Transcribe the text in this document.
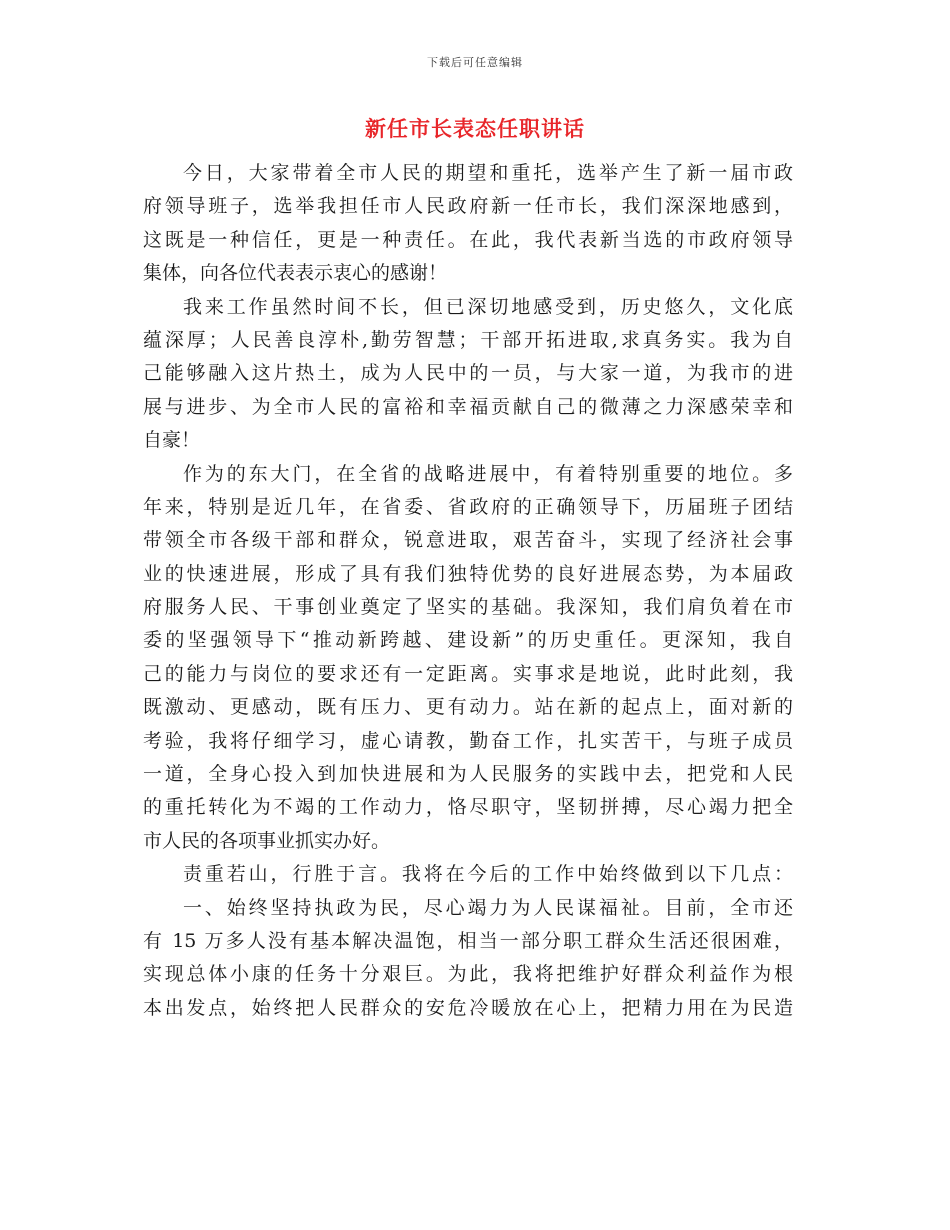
下载后可任意编辑
新任市长表态任职讲话
今日，大家带着全市人民的期望和重托，选举产生了新一届市政
府领导班子，选举我担任市人民政府新一任市长，我们深深地感到，
这既是一种信任，更是一种责任。在此，我代表新当选的市政府领导
集体，向各位代表表示衷心的感谢！
我来工作虽然时间不长，但已深切地感受到，历史悠久，文化底
蕴深厚；人民善良淳朴,勤劳智慧；干部开拓进取,求真务实。我为自
己能够融入这片热土，成为人民中的一员，与大家一道，为我市的进
展与进步、为全市人民的富裕和幸福贡献自己的微薄之力深感荣幸和
自豪！
作为的东大门，在全省的战略进展中，有着特别重要的地位。多
年来，特别是近几年，在省委、省政府的正确领导下，历届班子团结
带领全市各级干部和群众，锐意进取，艰苦奋斗，实现了经济社会事
业的快速进展，形成了具有我们独特优势的良好进展态势，为本届政
府服务人民、干事创业奠定了坚实的基础。我深知，我们肩负着在市
委的坚强领导下“推动新跨越、建设新”的历史重任。更深知，我自
己的能力与岗位的要求还有一定距离。实事求是地说，此时此刻，我
既激动、更感动，既有压力、更有动力。站在新的起点上，面对新的
考验，我将仔细学习，虚心请教，勤奋工作，扎实苦干，与班子成员
一道，全身心投入到加快进展和为人民服务的实践中去，把党和人民
的重托转化为不竭的工作动力，恪尽职守，坚韧拼搏，尽心竭力把全
市人民的各项事业抓实办好。
责重若山，行胜于言。我将在今后的工作中始终做到以下几点：
一、始终坚持执政为民，尽心竭力为人民谋福祉。目前，全市还
有 15 万多人没有基本解决温饱，相当一部分职工群众生活还很困难，
实现总体小康的任务十分艰巨。为此，我将把维护好群众利益作为根
本出发点，始终把人民群众的安危冷暖放在心上，把精力用在为民造
